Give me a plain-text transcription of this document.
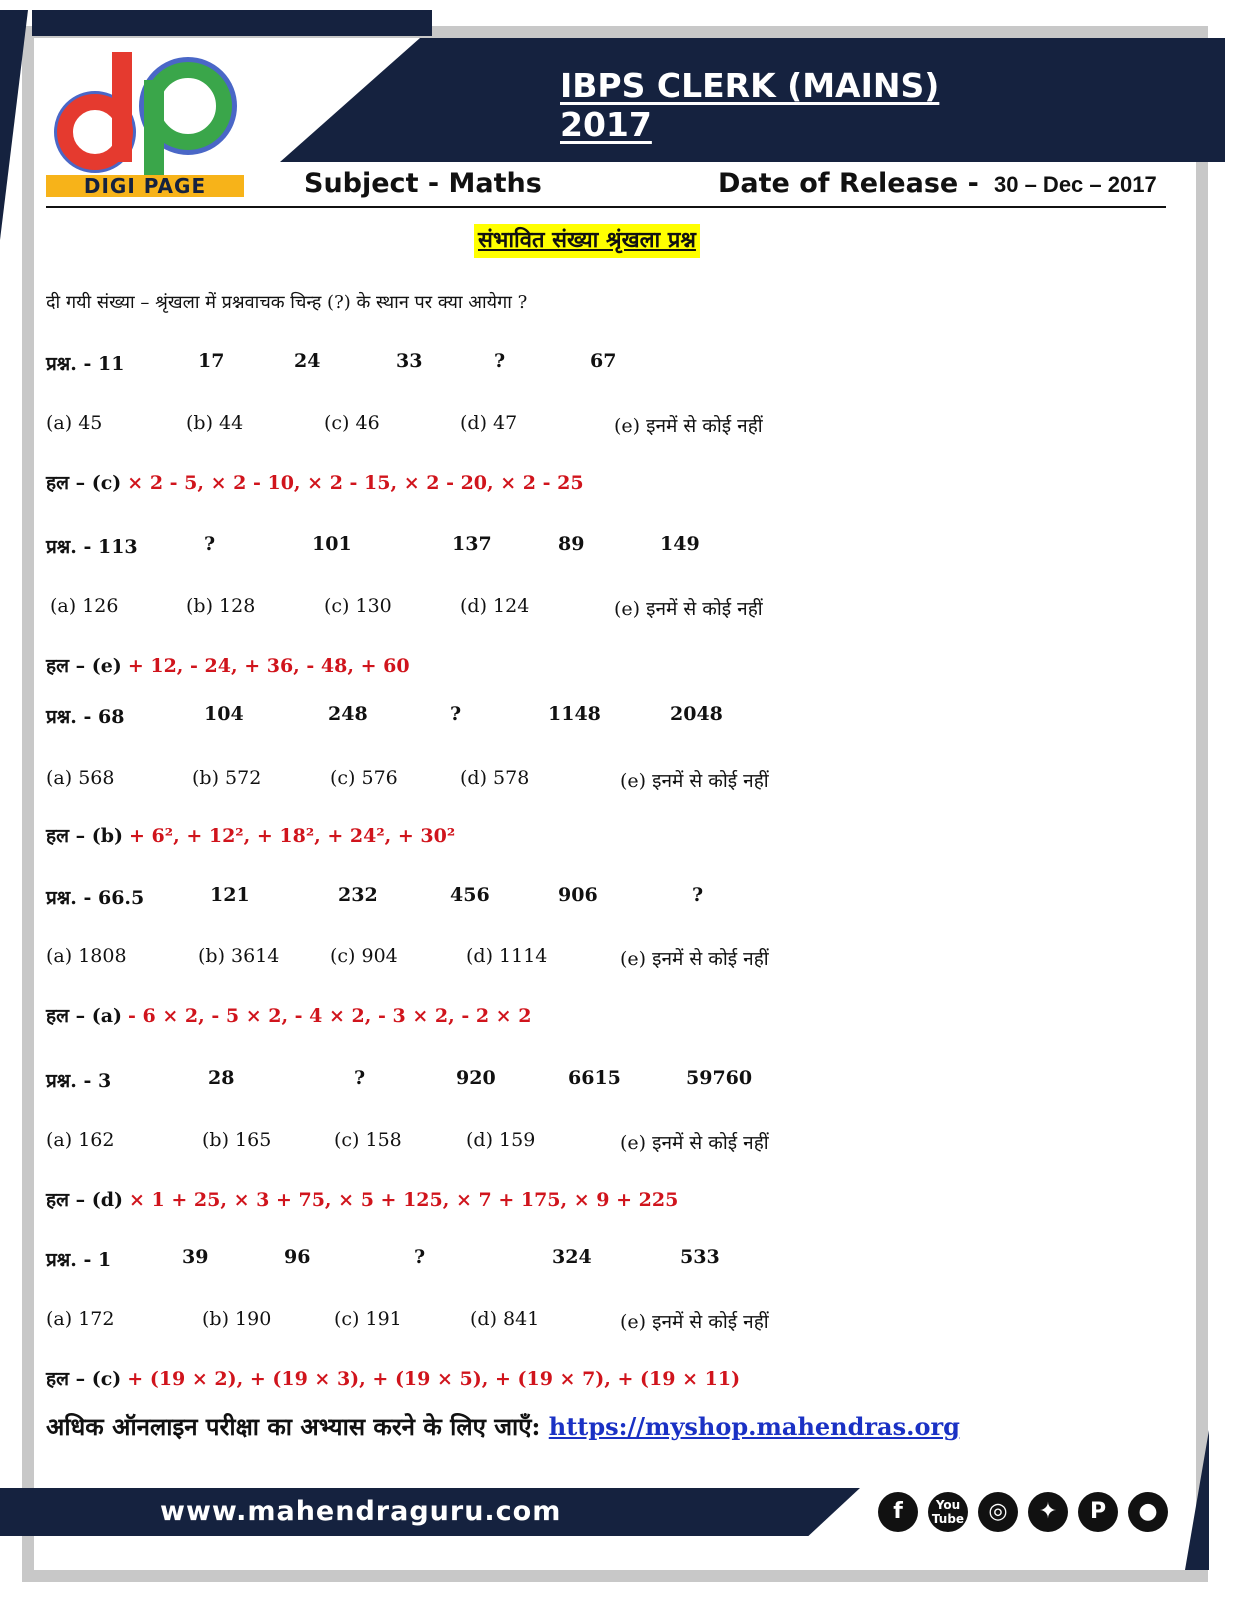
IBPS CLERK (MAINS) 2017
DIGI PAGE	Subject - Maths	Date of Release - 30 – Dec – 2017
संभावित संख्या श्रृंखला प्रश्न
दी गयी संख्या – श्रृंखला में प्रश्नवाचक चिन्ह (?) के स्थान पर क्या आयेगा ?
प्रश्न. - 11	17	24	33	?	67
(a) 45	(b) 44	(c) 46	(d) 47	(e) इनमें से कोई नहीं
हल – (c) × 2 - 5, × 2 - 10, × 2 - 15, × 2 - 20, × 2 - 25
प्रश्न. - 113	?	101	137	89	149
(a) 126	(b) 128	(c) 130	(d) 124	(e) इनमें से कोई नहीं
हल – (e) + 12, - 24, + 36, - 48, + 60
प्रश्न. - 68	104	248	?	1148	2048
(a) 568	(b) 572	(c) 576	(d) 578	(e) इनमें से कोई नहीं
हल – (b) + 6², + 12², + 18², + 24², + 30²
प्रश्न. - 66.5	121	232	456	906	?
(a) 1808	(b) 3614	(c) 904	(d) 1114	(e) इनमें से कोई नहीं
हल – (a) - 6 × 2, - 5 × 2, - 4 × 2, - 3 × 2, - 2 × 2
प्रश्न. - 3	28	?	920	6615	59760
(a) 162	(b) 165	(c) 158	(d) 159	(e) इनमें से कोई नहीं
हल – (d) × 1 + 25, × 3 + 75, × 5 + 125, × 7 + 175, × 9 + 225
प्रश्न. - 1	39	96	?	324	533
(a) 172	(b) 190	(c) 191	(d) 841	(e) इनमें से कोई नहीं
हल – (c) + (19 × 2), + (19 × 3), + (19 × 5), + (19 × 7), + (19 × 11)
अधिक ऑनलाइन परीक्षा का अभ्यास करने के लिए जाएँ: https://myshop.mahendras.org
www.mahendraguru.com	f	You
Tube	◎	✦	P	●
